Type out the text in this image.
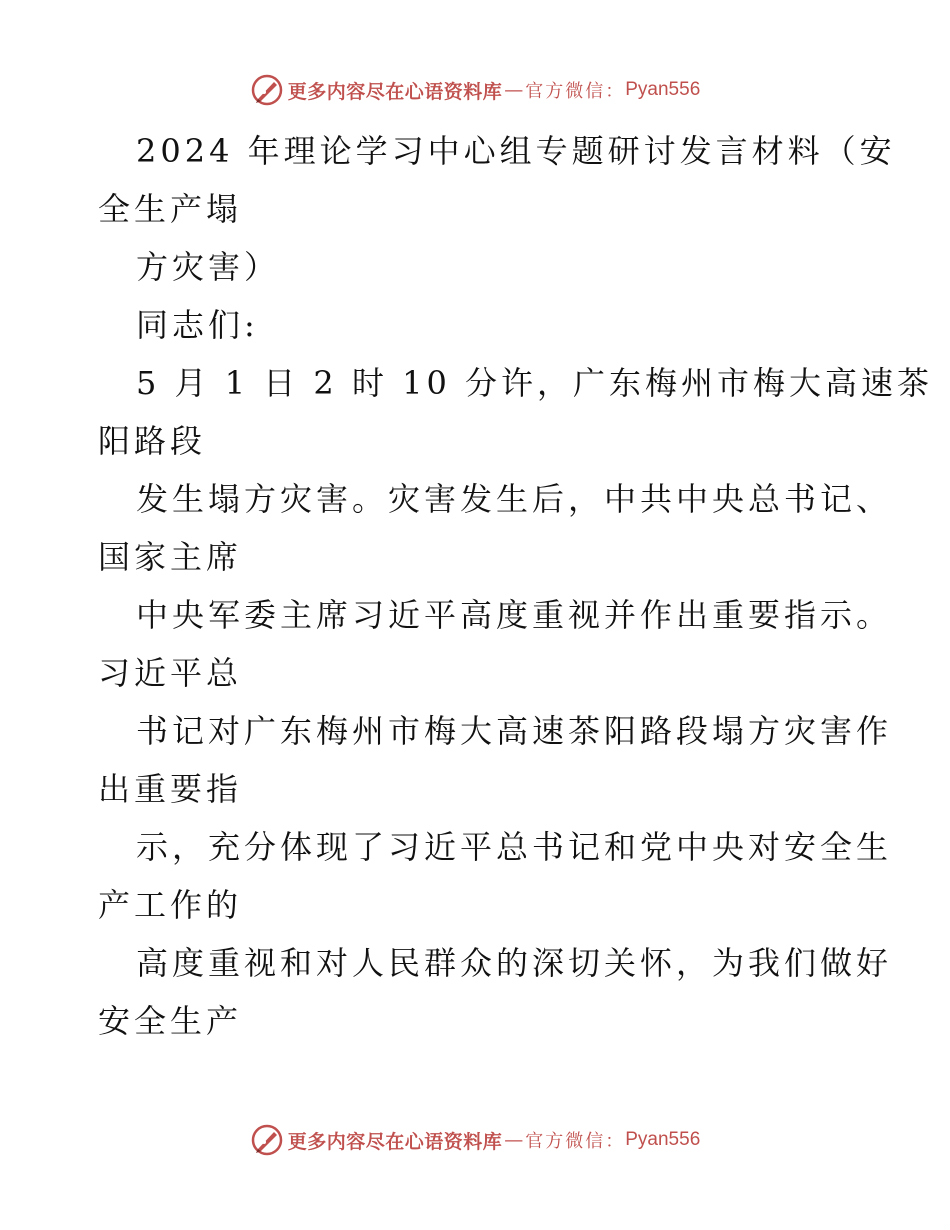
更多内容尽在心语资料库 — 官方微信： Pyan556
2024 年理论学习中心组专题研讨发言材料（安
全生产塌
方灾害）
同志们:
5 月 1 日 2 时 10 分许，广东梅州市梅大高速茶
阳路段
发生塌方灾害。灾害发生后，中共中央总书记、
国家主席
中央军委主席习近平高度重视并作出重要指示。
习近平总
书记对广东梅州市梅大高速茶阳路段塌方灾害作
出重要指
示，充分体现了习近平总书记和党中央对安全生
产工作的
高度重视和对人民群众的深切关怀，为我们做好
安全生产
更多内容尽在心语资料库 — 官方微信： Pyan556
